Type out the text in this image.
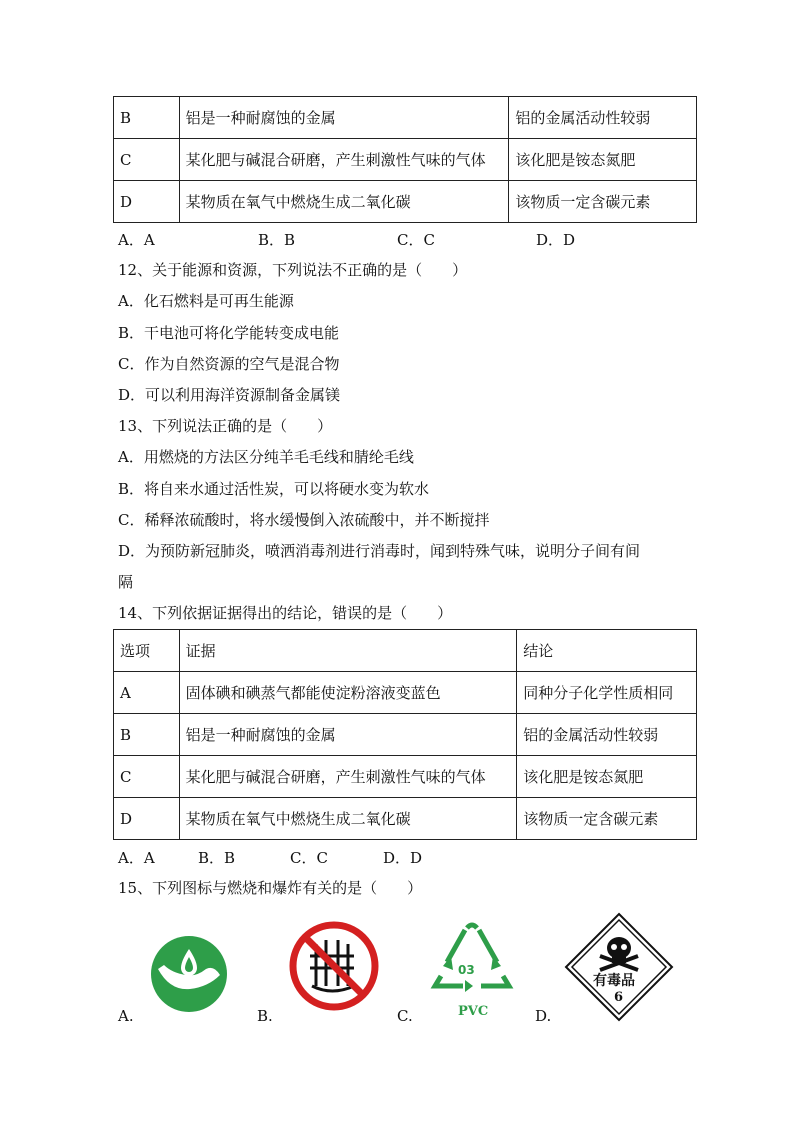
B	铝是一种耐腐蚀的金属	铝的金属活动性较弱
C	某化肥与碱混合研磨，产生刺激性气味的气体	该化肥是铵态氮肥
D	某物质在氧气中燃烧生成二氧化碳	该物质一定含碳元素
A．A	B．B	C．C	D．D
12、关于能源和资源，下列说法不正确的是（　　）
A．化石燃料是可再生能源
B．干电池可将化学能转变成电能
C．作为自然资源的空气是混合物
D．可以利用海洋资源制备金属镁
13、下列说法正确的是（　　）
A．用燃烧的方法区分纯羊毛毛线和腈纶毛线
B．将自来水通过活性炭，可以将硬水变为软水
C．稀释浓硫酸时，将水缓慢倒入浓硫酸中，并不断搅拌
D．为预防新冠肺炎，喷洒消毒剂进行消毒时，闻到特殊气味，说明分子间有间
隔
14、下列依据证据得出的结论，错误的是（　　）
选项	证据	结论
A	固体碘和碘蒸气都能使淀粉溶液变蓝色	同种分子化学性质相同
B	铝是一种耐腐蚀的金属	铝的金属活动性较弱
C	某化肥与碱混合研磨，产生刺激性气味的气体	该化肥是铵态氮肥
D	某物质在氧气中燃烧生成二氧化碳	该物质一定含碳元素
A．A	B．B	C．C	D．D
15、下列图标与燃烧和爆炸有关的是（　　）
03
PVC
有毒品
6
A.	B.	C.	D.
